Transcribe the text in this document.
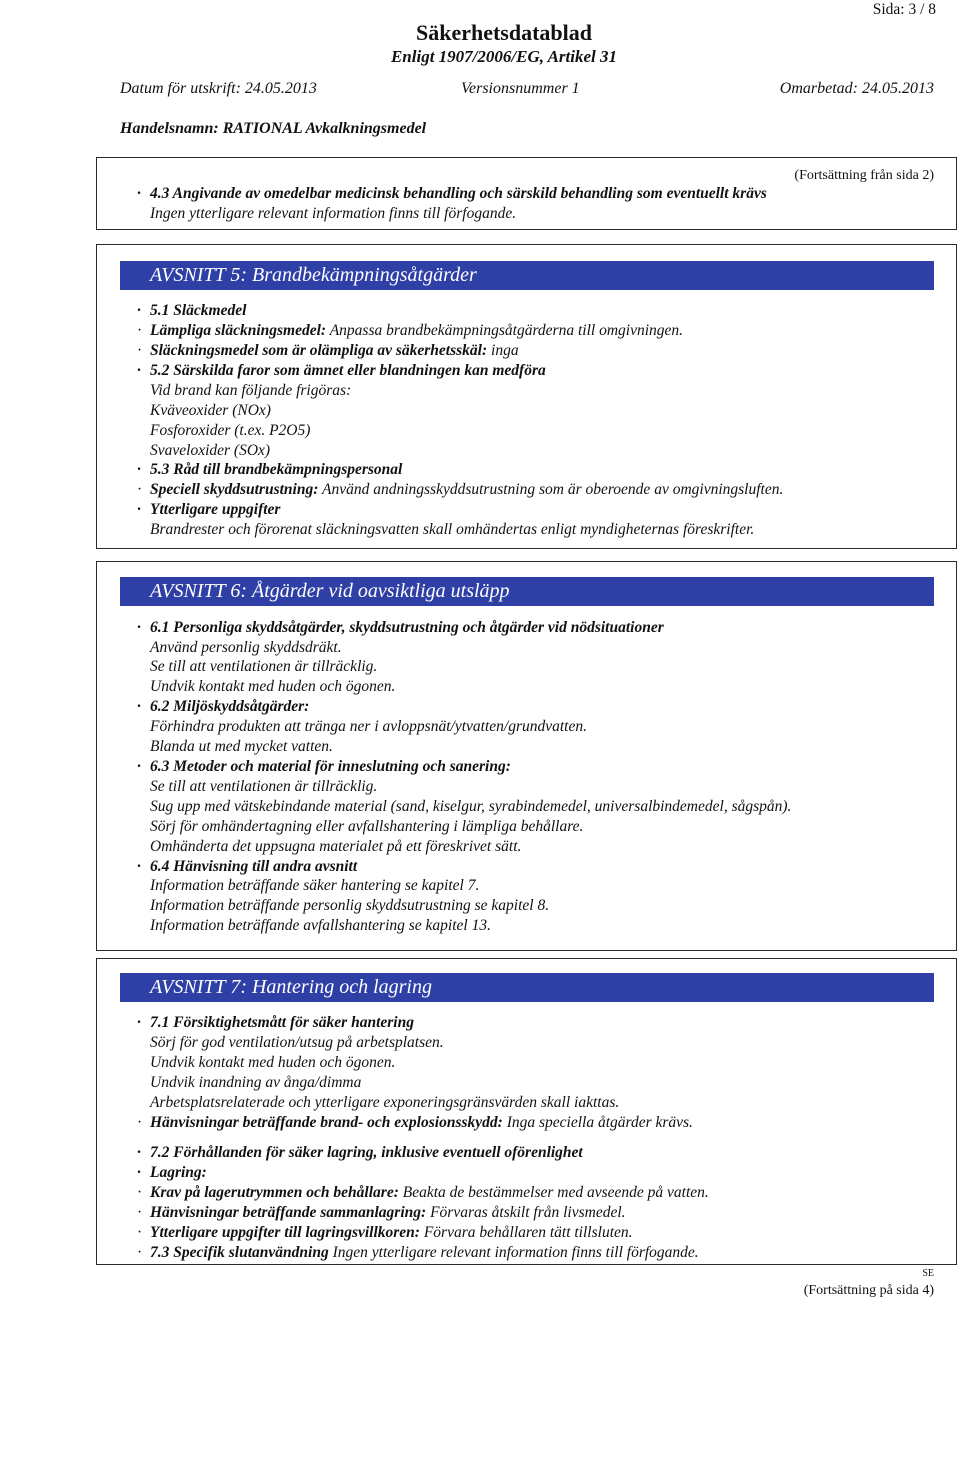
Sida: 3 / 8
Säkerhetsdatablad
Enligt 1907/2006/EG, Artikel 31
Datum för utskrift: 24.05.2013	Versionsnummer 1	Omarbetad: 24.05.2013
Handelsnamn: RATIONAL Avkalkningsmedel
(Fortsättning från sida 2)
· 4.3 Angivande av omedelbar medicinsk behandling och särskild behandling som eventuellt krävs
Ingen ytterligare relevant information finns till förfogande.
AVSNITT 5: Brandbekämpningsåtgärder
· 5.1 Släckmedel
· Lämpliga släckningsmedel: Anpassa brandbekämpningsåtgärderna till omgivningen.
· Släckningsmedel som är olämpliga av säkerhetsskäl: inga
· 5.2 Särskilda faror som ämnet eller blandningen kan medföra
Vid brand kan följande frigöras:
Kväveoxider (NOx)
Fosforoxider (t.ex. P2O5)
Svaveloxider (SOx)
· 5.3 Råd till brandbekämpningspersonal
· Speciell skyddsutrustning: Använd andningsskyddsutrustning som är oberoende av omgivningsluften.
· Ytterligare uppgifter
Brandrester och förorenat släckningsvatten skall omhändertas enligt myndigheternas föreskrifter.
AVSNITT 6: Åtgärder vid oavsiktliga utsläpp
· 6.1 Personliga skyddsåtgärder, skyddsutrustning och åtgärder vid nödsituationer
Använd personlig skyddsdräkt.
Se till att ventilationen är tillräcklig.
Undvik kontakt med huden och ögonen.
· 6.2 Miljöskyddsåtgärder:
Förhindra produkten att tränga ner i avloppsnät/ytvatten/grundvatten.
Blanda ut med mycket vatten.
· 6.3 Metoder och material för inneslutning och sanering:
Se till att ventilationen är tillräcklig.
Sug upp med vätskebindande material (sand, kiselgur, syrabindemedel, universalbindemedel, sågspån).
Sörj för omhändertagning eller avfallshantering i lämpliga behållare.
Omhänderta det uppsugna materialet på ett föreskrivet sätt.
· 6.4 Hänvisning till andra avsnitt
Information beträffande säker hantering se kapitel 7.
Information beträffande personlig skyddsutrustning se kapitel 8.
Information beträffande avfallshantering se kapitel 13.
AVSNITT 7: Hantering och lagring
· 7.1 Försiktighetsmått för säker hantering
Sörj för god ventilation/utsug på arbetsplatsen.
Undvik kontakt med huden och ögonen.
Undvik inandning av ånga/dimma
Arbetsplatsrelaterade och ytterligare exponeringsgränsvärden skall iakttas.
· Hänvisningar beträffande brand- och explosionsskydd: Inga speciella åtgärder krävs.
· 7.2 Förhållanden för säker lagring, inklusive eventuell oförenlighet
· Lagring:
· Krav på lagerutrymmen och behållare: Beakta de bestämmelser med avseende på vatten.
· Hänvisningar beträffande sammanlagring: Förvaras åtskilt från livsmedel.
· Ytterligare uppgifter till lagringsvillkoren: Förvara behållaren tätt tillsluten.
· 7.3 Specifik slutanvändning Ingen ytterligare relevant information finns till förfogande.
SE
(Fortsättning på sida 4)
